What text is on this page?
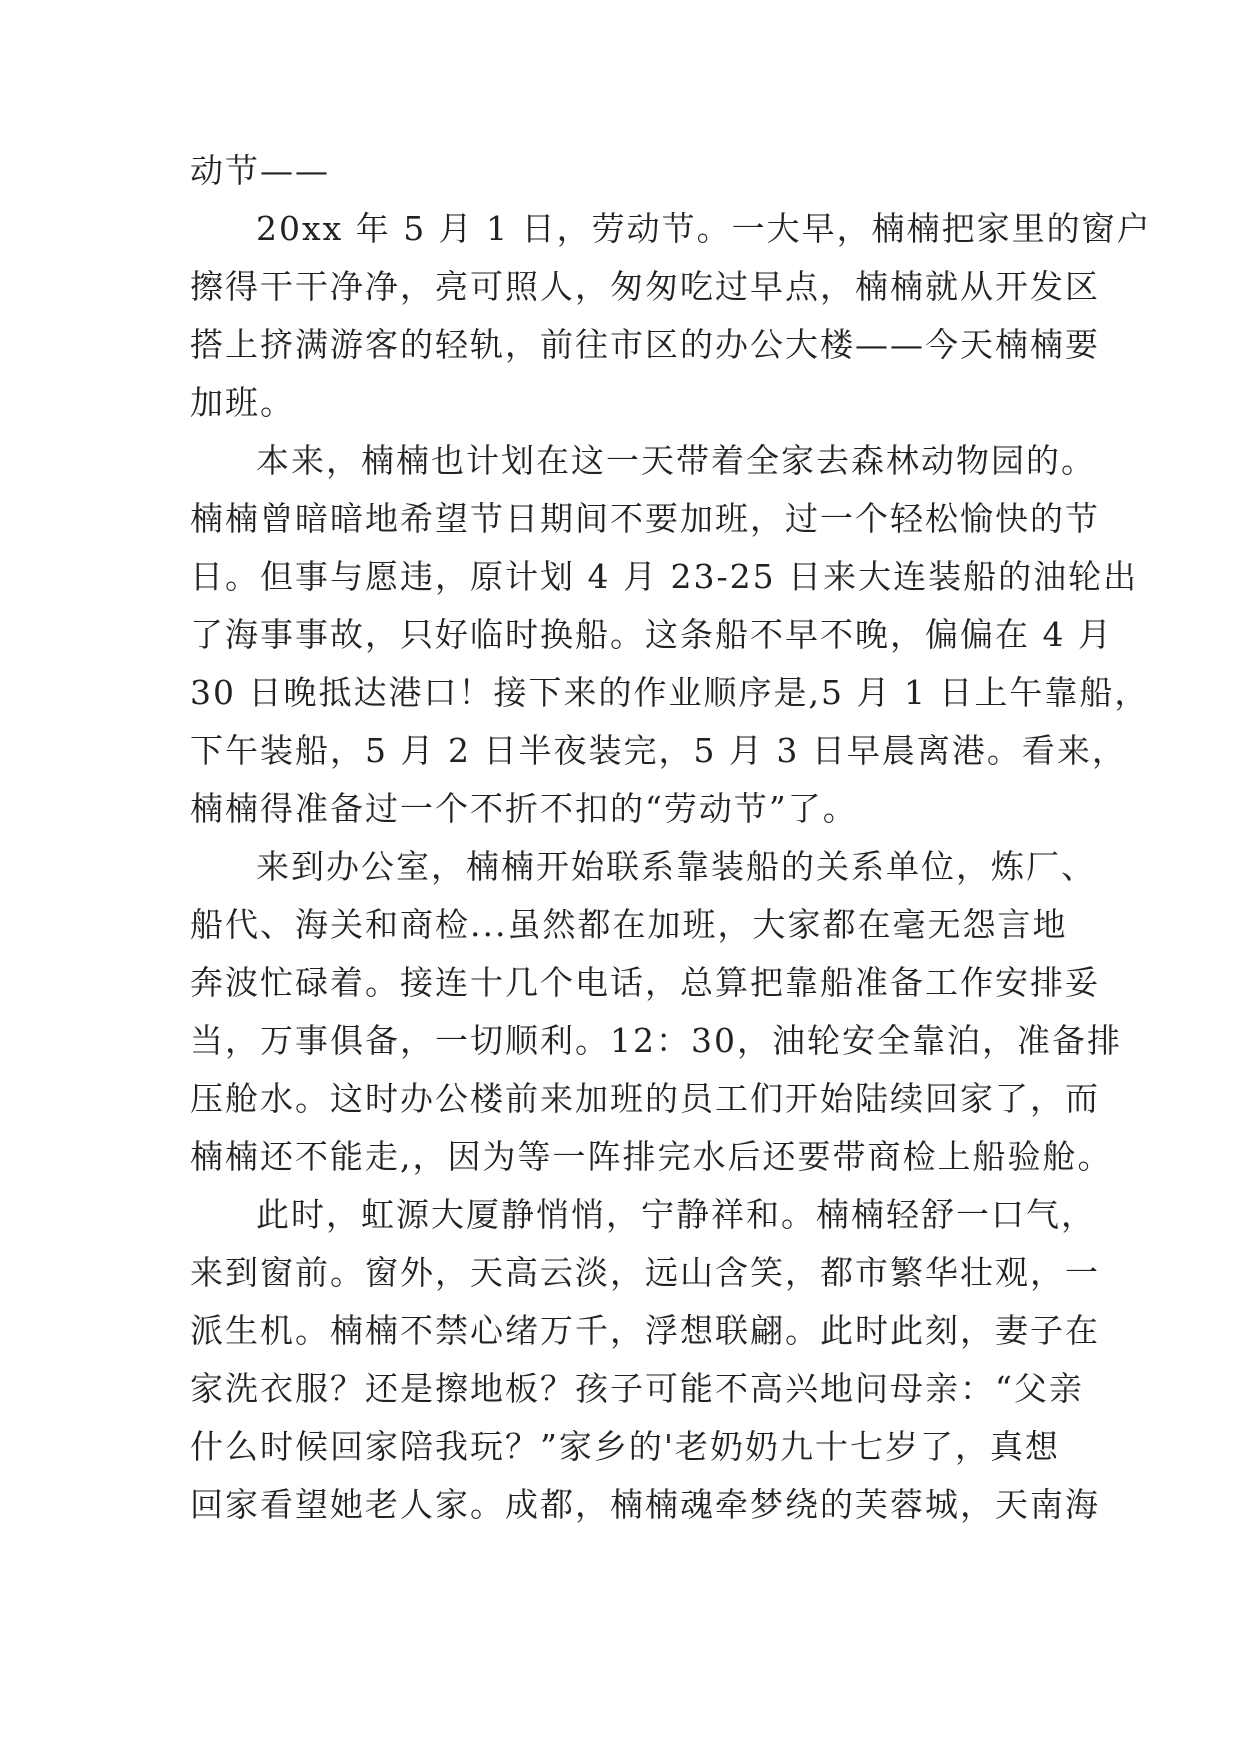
动节——
20xx 年 5 月 1 日，劳动节。一大早，楠楠把家里的窗户
擦得干干净净，亮可照人，匆匆吃过早点，楠楠就从开发区
搭上挤满游客的轻轨，前往市区的办公大楼——今天楠楠要
加班。
本来，楠楠也计划在这一天带着全家去森林动物园的。
楠楠曾暗暗地希望节日期间不要加班，过一个轻松愉快的节
日。但事与愿违，原计划 4 月 23-25 日来大连装船的油轮出
了海事事故，只好临时换船。这条船不早不晚，偏偏在 4 月
30 日晚抵达港口！接下来的作业顺序是,5 月 1 日上午靠船，
下午装船，5 月 2 日半夜装完，5 月 3 日早晨离港。看来，
楠楠得准备过一个不折不扣的“劳动节”了。
来到办公室，楠楠开始联系靠装船的关系单位，炼厂、
船代、海关和商检...虽然都在加班，大家都在毫无怨言地
奔波忙碌着。接连十几个电话，总算把靠船准备工作安排妥
当，万事俱备，一切顺利。12：30，油轮安全靠泊，准备排
压舱水。这时办公楼前来加班的员工们开始陆续回家了，而
楠楠还不能走,，因为等一阵排完水后还要带商检上船验舱。
此时，虹源大厦静悄悄，宁静祥和。楠楠轻舒一口气，
来到窗前。窗外，天高云淡，远山含笑，都市繁华壮观，一
派生机。楠楠不禁心绪万千，浮想联翩。此时此刻，妻子在
家洗衣服？还是擦地板？孩子可能不高兴地问母亲：“父亲
什么时候回家陪我玩？”家乡的'老奶奶九十七岁了，真想
回家看望她老人家。成都，楠楠魂牵梦绕的芙蓉城，天南海
